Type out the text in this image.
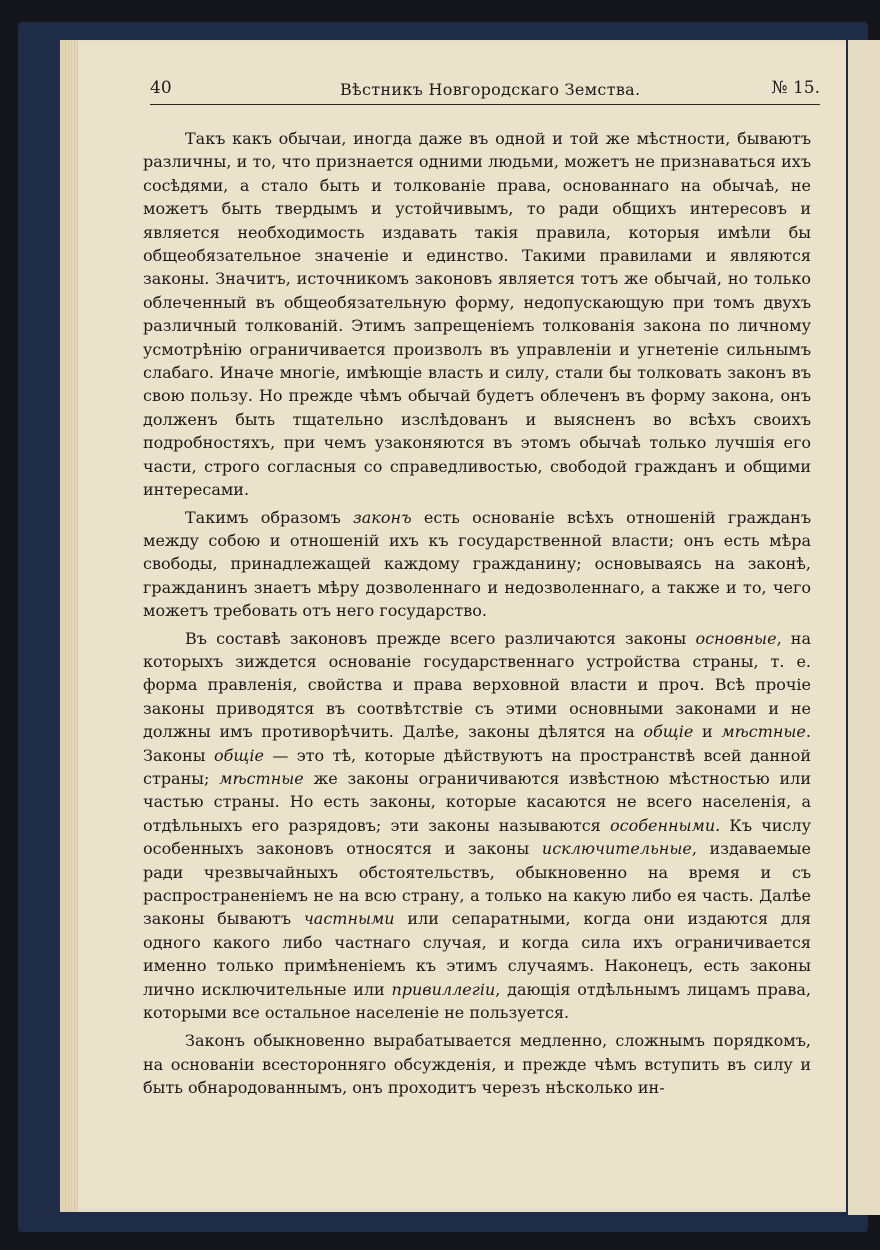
40	Вѣстникъ Новгородскаго Земства.	№ 15.

Такъ какъ обычаи, иногда даже въ одной и той же мѣстности, бываютъ различны, и то, что признается одними людьми, можетъ не признаваться ихъ сосѣдями, а стало быть и толкованіе права, основаннаго на обычаѣ, не можетъ быть твердымъ и устойчивымъ, то ради общихъ интересовъ и является необходимость издавать такія правила, которыя имѣли бы общеобязательное значеніе и единство. Такими правилами и являются законы. Значитъ, источникомъ законовъ является тотъ же обычай, но только облеченный въ общеобязательную форму, недопускающую при томъ двухъ различный толкованій. Этимъ запрещеніемъ толкованія закона по личному усмотрѣнію ограничивается произволъ въ управленіи и угнетеніе сильнымъ слабаго. Иначе многіе, имѣющіе власть и силу, стали бы толковать законъ въ свою пользу. Но прежде чѣмъ обычай будетъ облеченъ въ форму закона, онъ долженъ быть тщательно изслѣдованъ и выясненъ во всѣхъ своихъ подробностяхъ, при чемъ узаконяются въ этомъ обычаѣ только лучшія его части, строго согласныя со справедливостью, свободой гражданъ и общими интересами.

Такимъ образомъ законъ есть основаніе всѣхъ отношеній гражданъ между собою и отношеній ихъ къ государственной власти; онъ есть мѣра свободы, принадлежащей каждому гражданину; основываясь на законѣ, гражданинъ знаетъ мѣру дозволеннаго и недозволеннаго, а также и то, чего можетъ требовать отъ него государство.

Въ составѣ законовъ прежде всего различаются законы основные, на которыхъ зиждется основаніе государственнаго устройства страны, т. е. форма правленія, свойства и права верховной власти и проч. Всѣ прочіе законы приводятся въ соотвѣтствіе съ этими основными законами и не должны имъ противорѣчить. Далѣе, законы дѣлятся на общіе и мѣстные. Законы общіе — это тѣ, которые дѣйствуютъ на пространствѣ всей данной страны; мѣстные же законы ограничиваются извѣстною мѣстностью или частью страны. Но есть законы, которые касаются не всего населенія, а отдѣльныхъ его разрядовъ; эти законы называются особенными. Къ числу особенныхъ законовъ относятся и законы исключительные, издаваемые ради чрезвычайныхъ обстоятельствъ, обыкновенно на время и съ распространеніемъ не на всю страну, а только на какую либо ея часть. Далѣе законы бываютъ частными или сепаратными, когда они издаются для одного какого либо частнаго случая, и когда сила ихъ ограничивается именно только примѣненіемъ къ этимъ случаямъ. Наконецъ, есть законы лично исключительные или привиллегіи, дающія отдѣльнымъ лицамъ права, которыми все остальное населеніе не пользуется.

Законъ обыкновенно вырабатывается медленно, сложнымъ порядкомъ, на основаніи всесторонняго обсужденія, и прежде чѣмъ вступить въ силу и быть обнародованнымъ, онъ проходитъ черезъ нѣсколько ин-
